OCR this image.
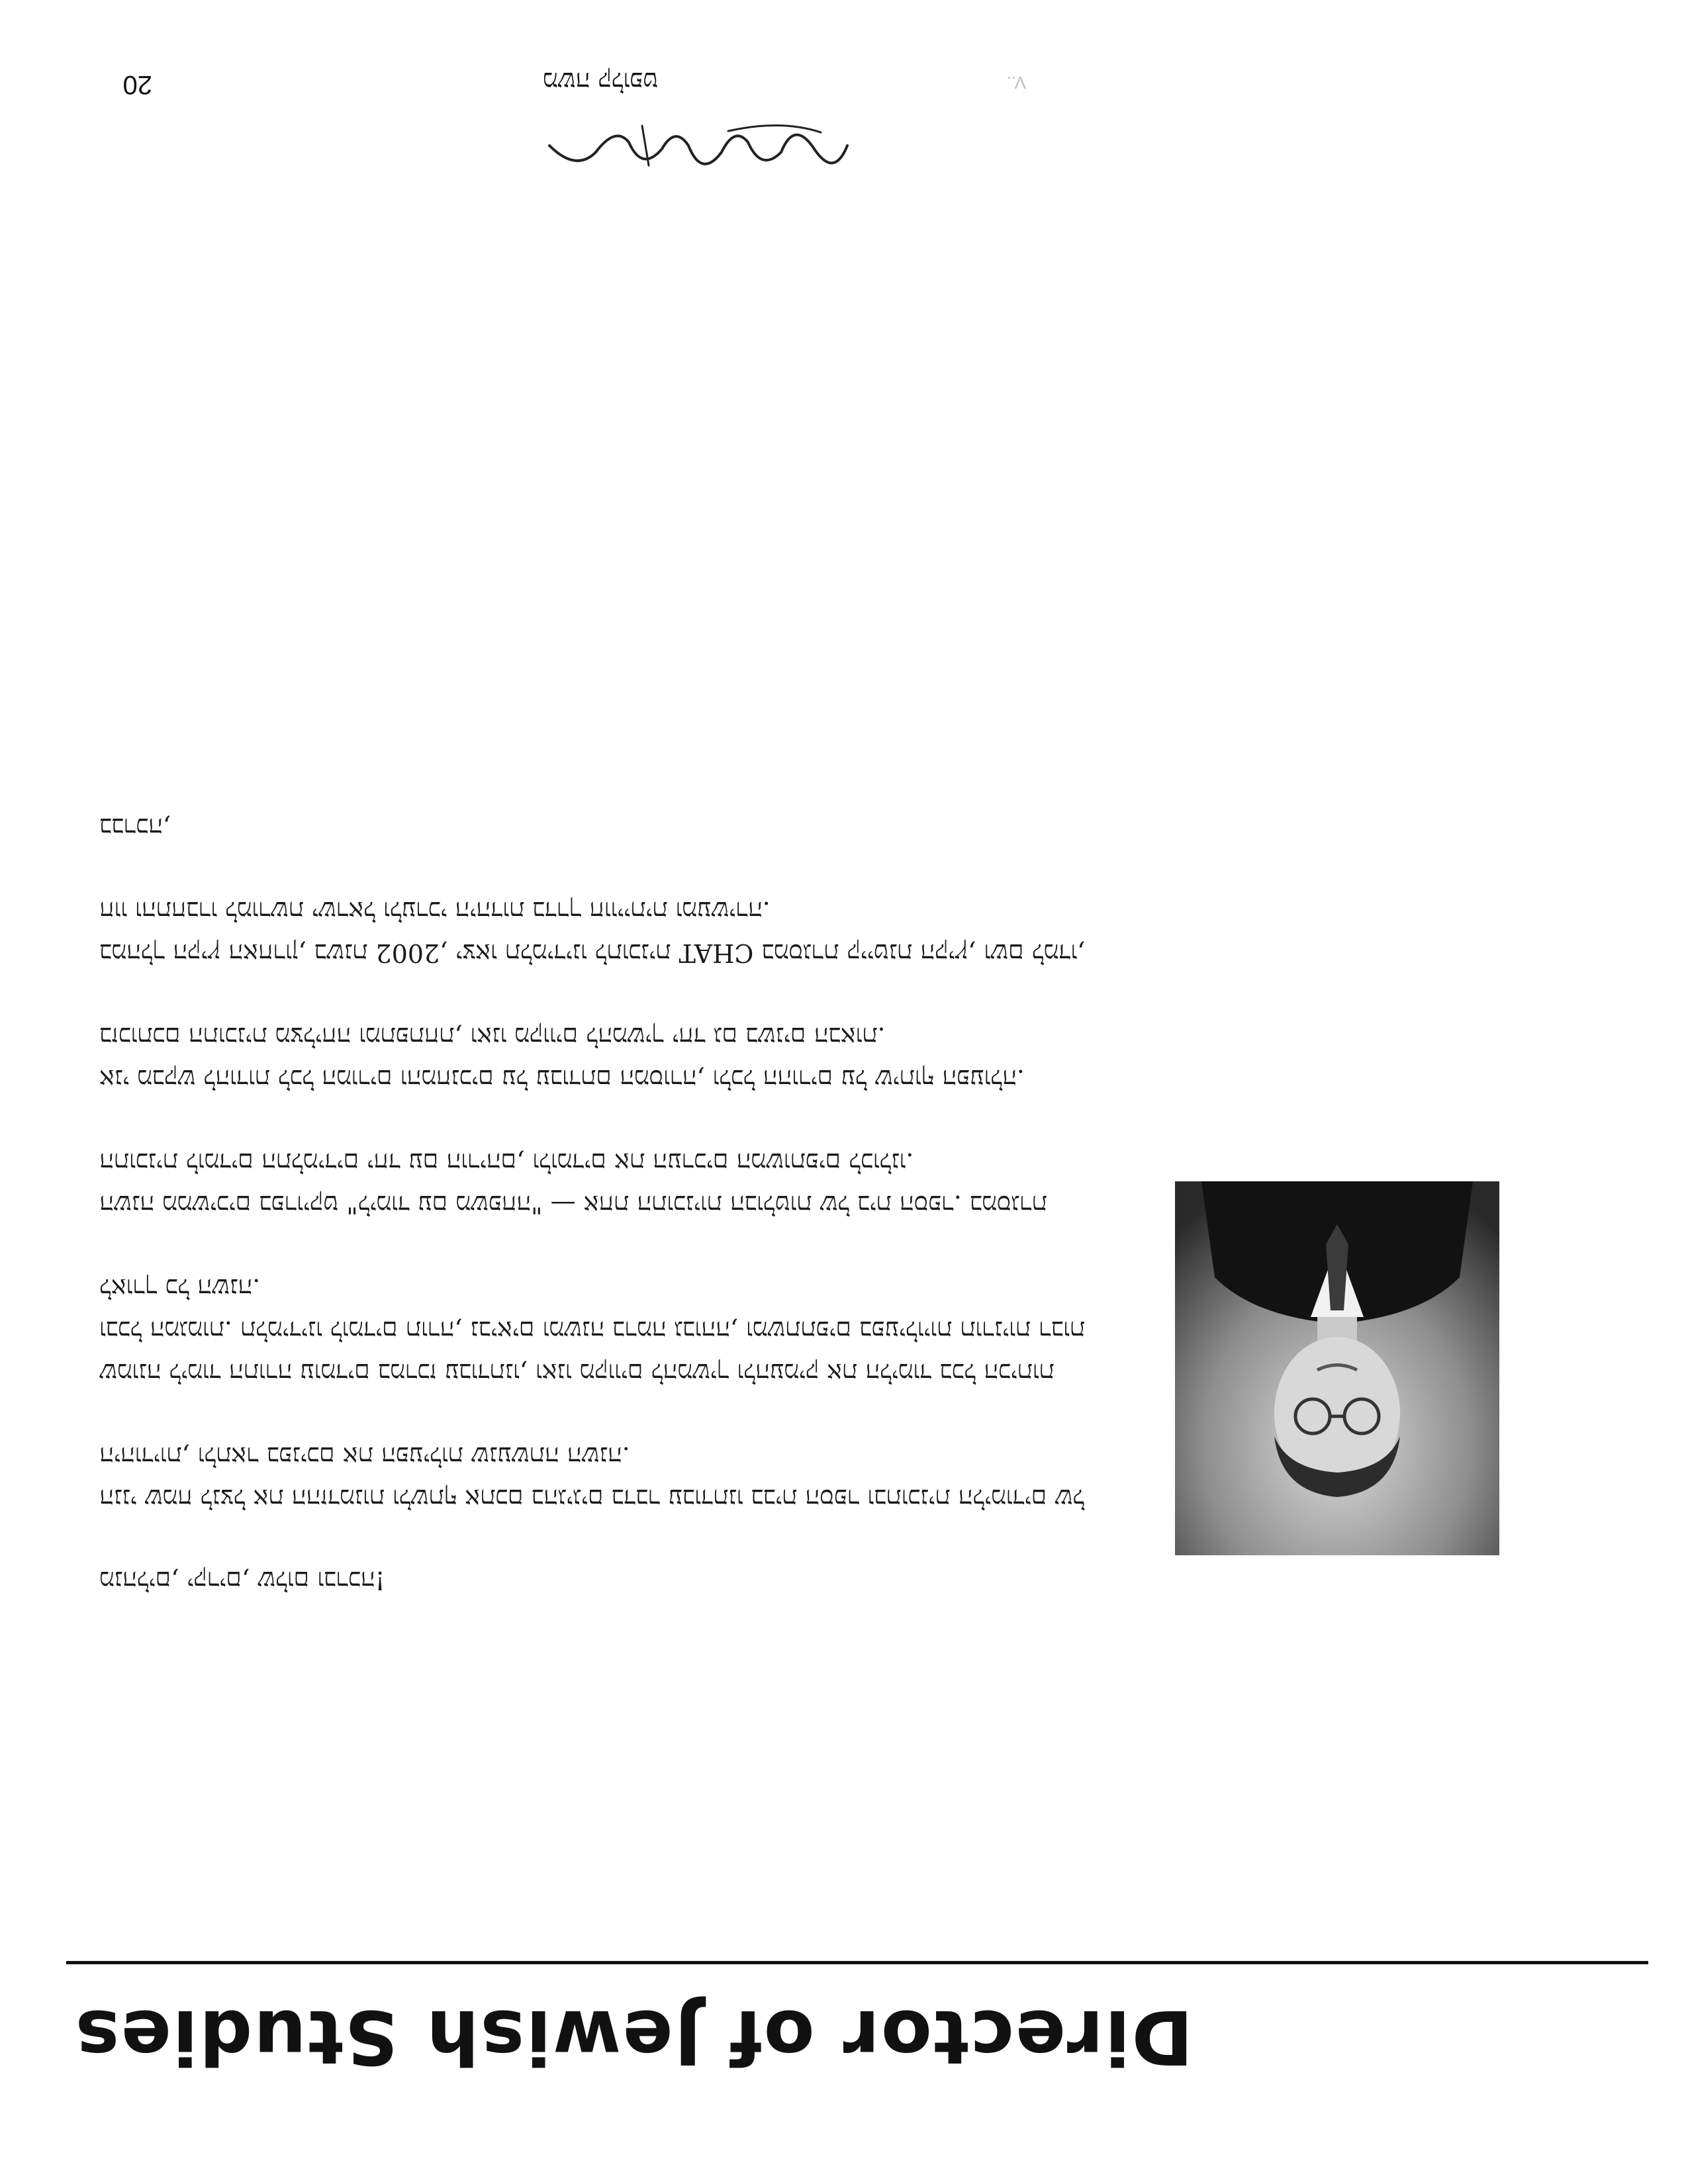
Director of Jewish Studies

מנהלים, יקרים, שלום וברכה!

הנני שמח לנצל את ההזדמנות ולשתף אתכם בהגיגים בדבר עבודתנו בבית הספר ובתוכנית הלימודים של היהודיות, ולתאר בפניכם את הפעילות שנעשתה השנה.

שמונה לימוד התורה עומדים במרכז עבודתנו, ואנו מקווים להמשיך ולהעמיק את הלימוד בכל הכיתות ובכל המגמות. תלמידינו לומדים תורה, נביאים ומשנה ברמה גבוהה, ומשתתפים בפעילויות תורניות רבות לאורך כל השנה.

השנה ממשיכים בפרויקט "לימוד עם משפחה" — אחת התוכניות הבולטות של בית הספר. במסגרת התוכנית לומדים התלמידים יחד עם הוריהם, ולומדים את הערכים המשותפים לכולנו.

אני מבקש להודות לכל המורים והמחנכים על עבודתם המסורה, ולכל ההורים על שיתוף הפעולה. בזכותכם התוכנית מצליחה ומתפתחת, ואנו מקווים להמשיך יחד גם בשנים הבאות.

במהלך הקיץ האחרון, בשנת 2002, יצאו תלמידינו לתוכנית CHAT במסגרת קייטנת הקיץ, ושם למדו, חוו והתחברו למורשת ישראל ולערכי היהדות בדרך חווייתית ומעשירה.

בברכה,

משה קלופט	V..
20
